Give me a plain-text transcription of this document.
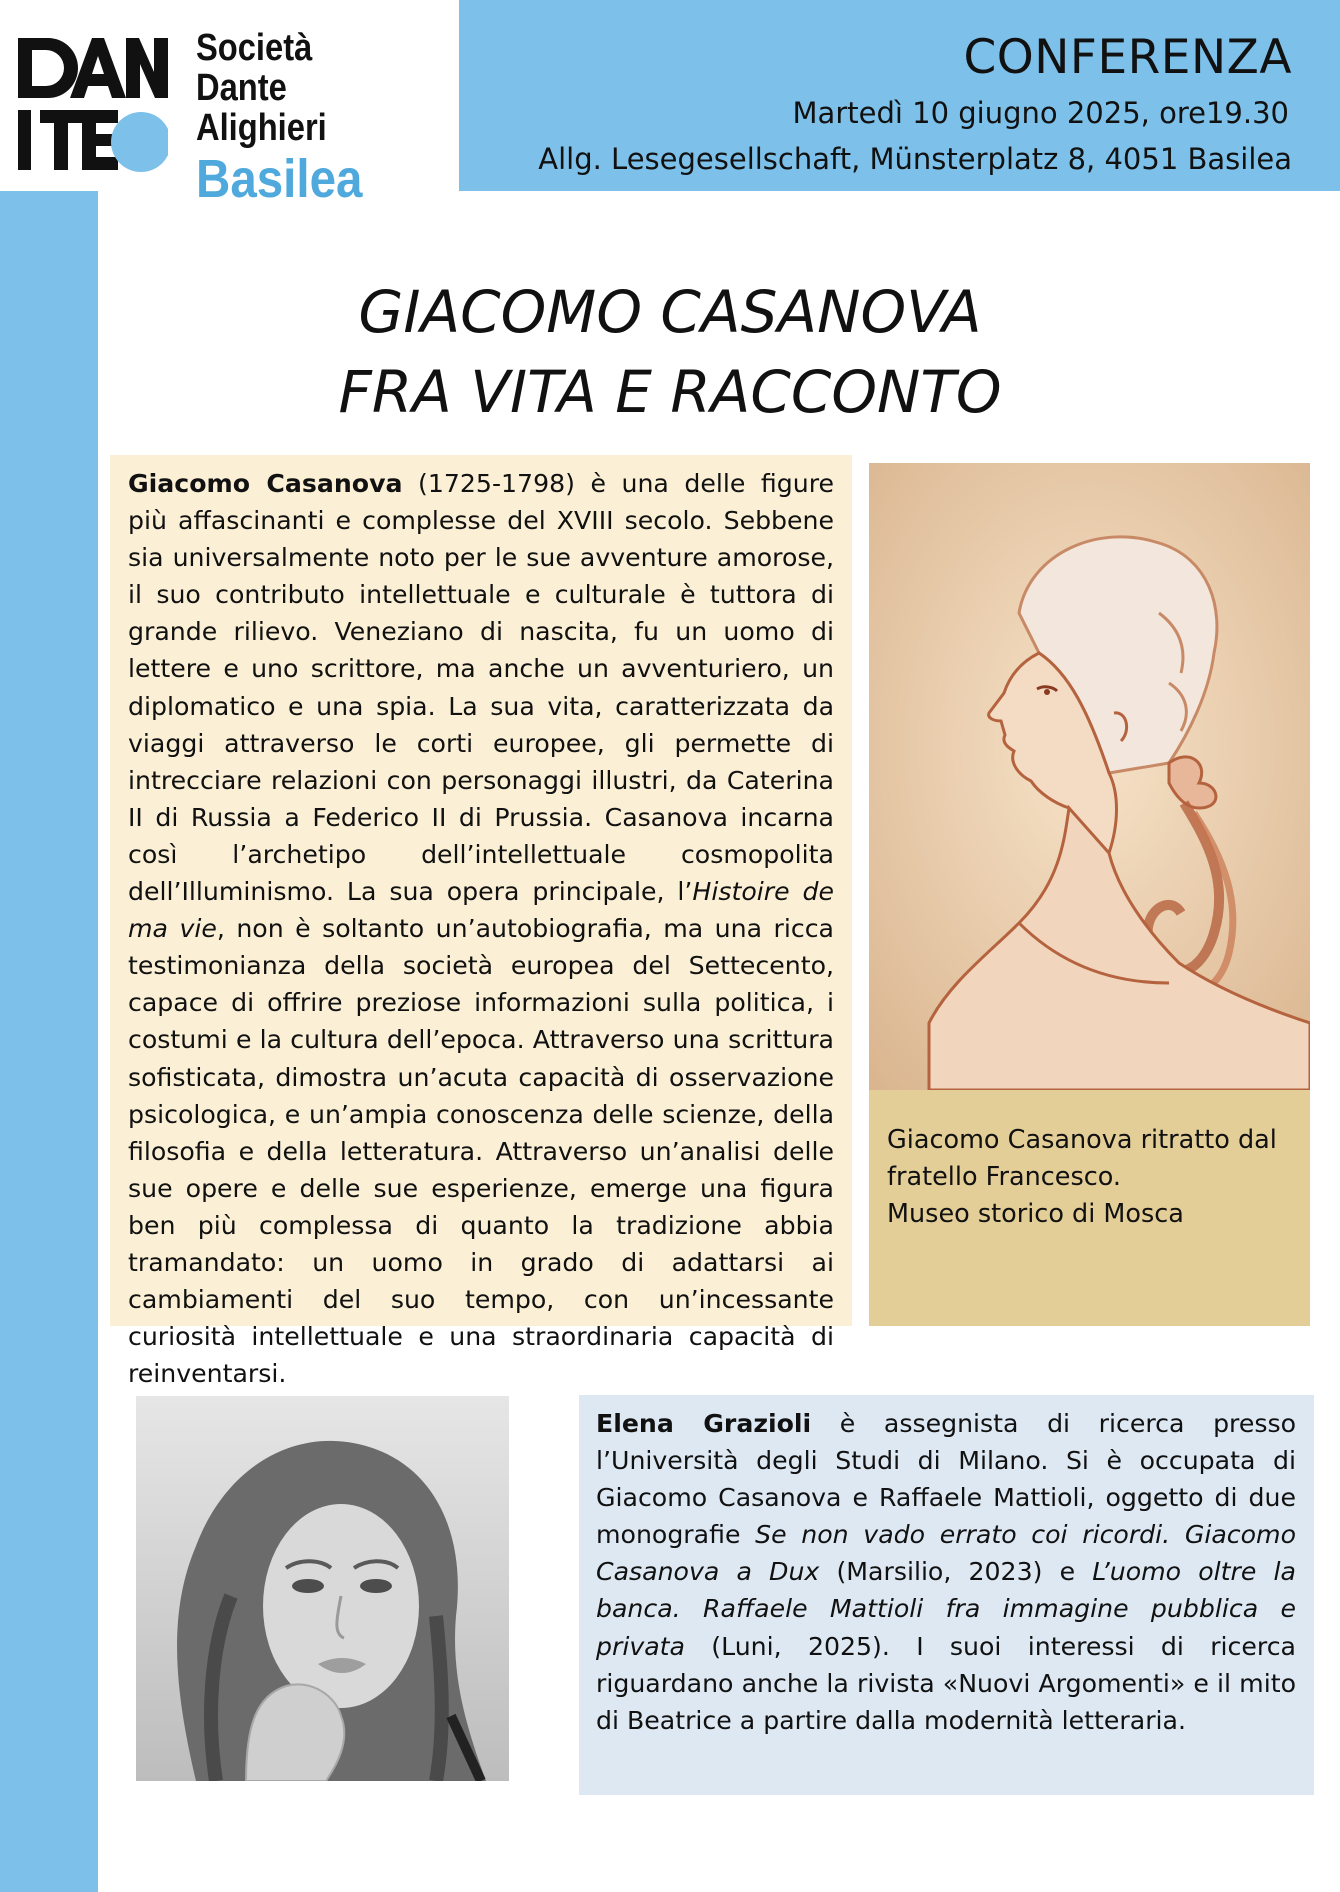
Società
Dante Alighieri
Basilea
CONFERENZA
Martedì 10 giugno 2025, ore19.30
Allg. Lesegesellschaft, Münsterplatz 8, 4051 Basilea
GIACOMO CASANOVA
FRA VITA E RACCONTO

Giacomo Casanova (1725-1798) è una delle figure più affascinanti e complesse del XVIII secolo. Sebbene sia universalmente noto per le sue avventure amorose, il suo contributo intellettuale e culturale è tuttora di grande rilievo. Veneziano di nascita, fu un uomo di lettere e uno scrittore, ma anche un avventuriero, un diplomatico e una spia. La sua vita, caratterizzata da viaggi attraverso le corti europee, gli permette di intrecciare relazioni con personaggi illustri, da Caterina II di Russia a Federico II di Prussia. Casanova incarna così l’archetipo dell’intellettuale cosmopolita dell’Illuminismo. La sua opera principale, l’Histoire de ma vie, non è soltanto un’autobiografia, ma una ricca testimonianza della società europea del Settecento, capace di offrire preziose informazioni sulla politica, i costumi e la cultura dell’epoca. Attraverso una scrittura sofisticata, dimostra un’acuta capacità di osservazione psicologica, e un’ampia conoscenza delle scienze, della filosofia e della letteratura. Attraverso un’analisi delle sue opere e delle sue esperienze, emerge una figura ben più complessa di quanto la tradizione abbia tramandato: un uomo in grado di adattarsi ai cambiamenti del suo tempo, con un’incessante curiosità intellettuale e una straordinaria capacità di reinventarsi.

Giacomo Casanova ritratto dal
fratello Francesco.
Museo storico di Mosca

Elena Grazioli è assegnista di ricerca presso l’Università degli Studi di Milano. Si è occupata di Giacomo Casanova e Raffaele Mattioli, oggetto di due monografie Se non vado errato coi ricordi. Giacomo Casanova a Dux (Marsilio, 2023) e L’uomo oltre la banca. Raffaele Mattioli fra immagine pubblica e privata (Luni, 2025). I suoi interessi di ricerca riguardano anche la rivista «Nuovi Argomenti» e il mito di Beatrice a partire dalla modernità letteraria.
